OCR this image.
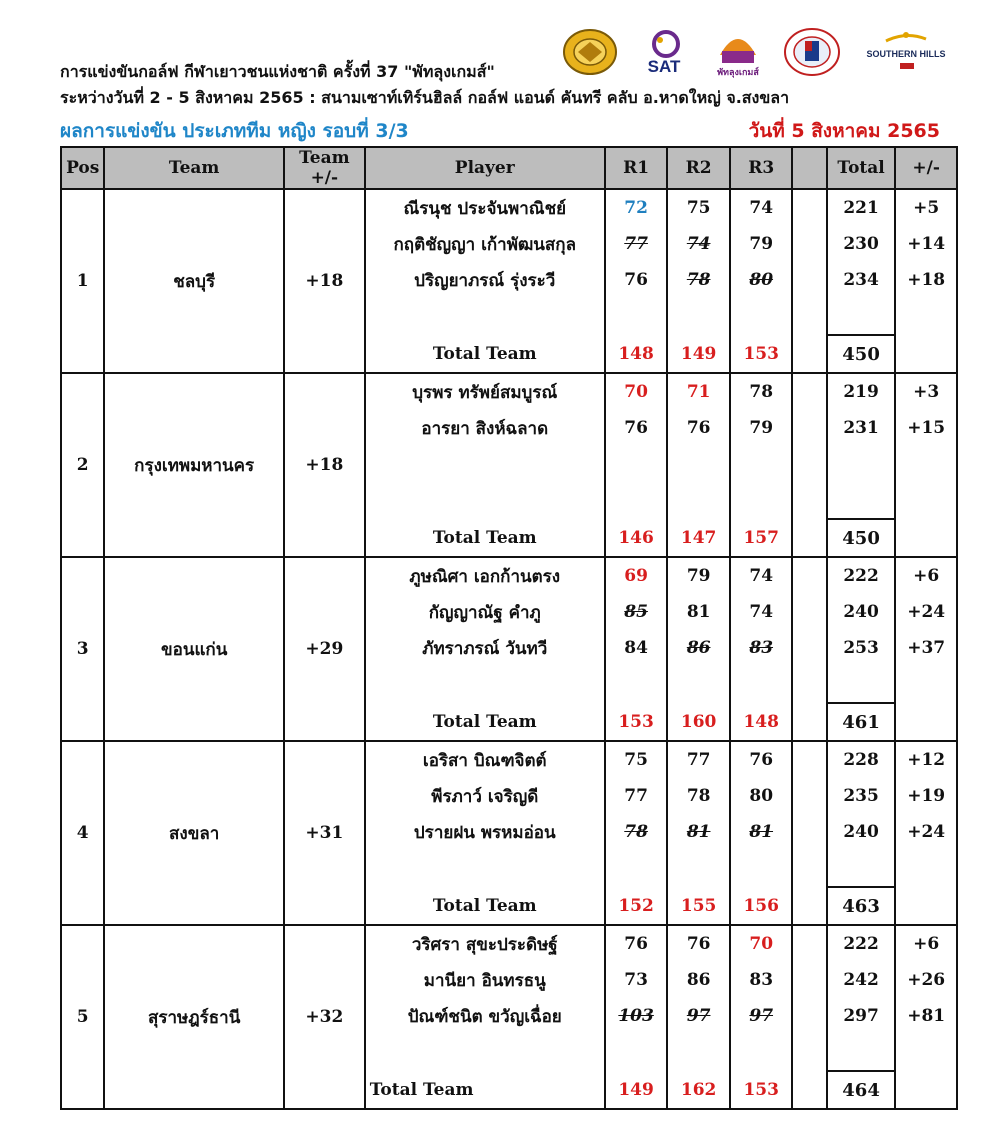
การแข่งขันกอล์ฟ กีฬาเยาวชนแห่งชาติ ครั้งที่ 37 "พัทลุงเกมส์"
ระหว่างวันที่ 2 - 5 สิงหาคม 2565 : สนามเซาท์เทิร์นฮิลล์ กอล์ฟ แอนด์ คันทรี คลับ อ.หาดใหญ่ จ.สงขลา
SAT	พัทลุงเกมส์
SOUTHERN HILLS
ผลการแข่งขัน ประเภททีม หญิง รอบที่ 3/3	วันที่ 5 สิงหาคม 2565
Pos	Team	Team +/-	Player	R1	R2	R3		Total	+/-
1	ชลบุรี	+18	ณีรนุช ประจันพาณิชย์	72	75	74		221	+5
			กฤติชัญญา เก้าพัฒนสกุล	77	74	79		230	+14
			ปริญยาภรณ์ รุ่งระวี	76	78	80		234	+18

			Total Team	148	149	153		450	
2	กรุงเทพมหานคร	+18	บุรพร ทรัพย์สมบูรณ์	70	71	78		219	+3
			อารยา สิงห์ฉลาด	76	76	79		231	+15

			Total Team	146	147	157		450	
3	ขอนแก่น	+29	ภูษณิศา เอกก้านตรง	69	79	74		222	+6
			กัญญาณัฐ คำภู	85	81	74		240	+24
			ภัทราภรณ์ วันทวี	84	86	83		253	+37

			Total Team	153	160	148		461	
4	สงขลา	+31	เอริสา บิณฑจิตต์	75	77	76		228	+12
			พีรภาว์ เจริญดี	77	78	80		235	+19
			ปรายฝน พรหมอ่อน	78	81	81		240	+24

			Total Team	152	155	156		463	
5	สุราษฎร์ธานี	+32	วริศรา สุขะประดิษฐ์	76	76	70		222	+6
			มานียา อินทรธนู	73	86	83		242	+26
			ปัณฑ์ชนิต ขวัญเฉื่อย	103	97	97		297	+81

			Total Team	149	162	153		464	
